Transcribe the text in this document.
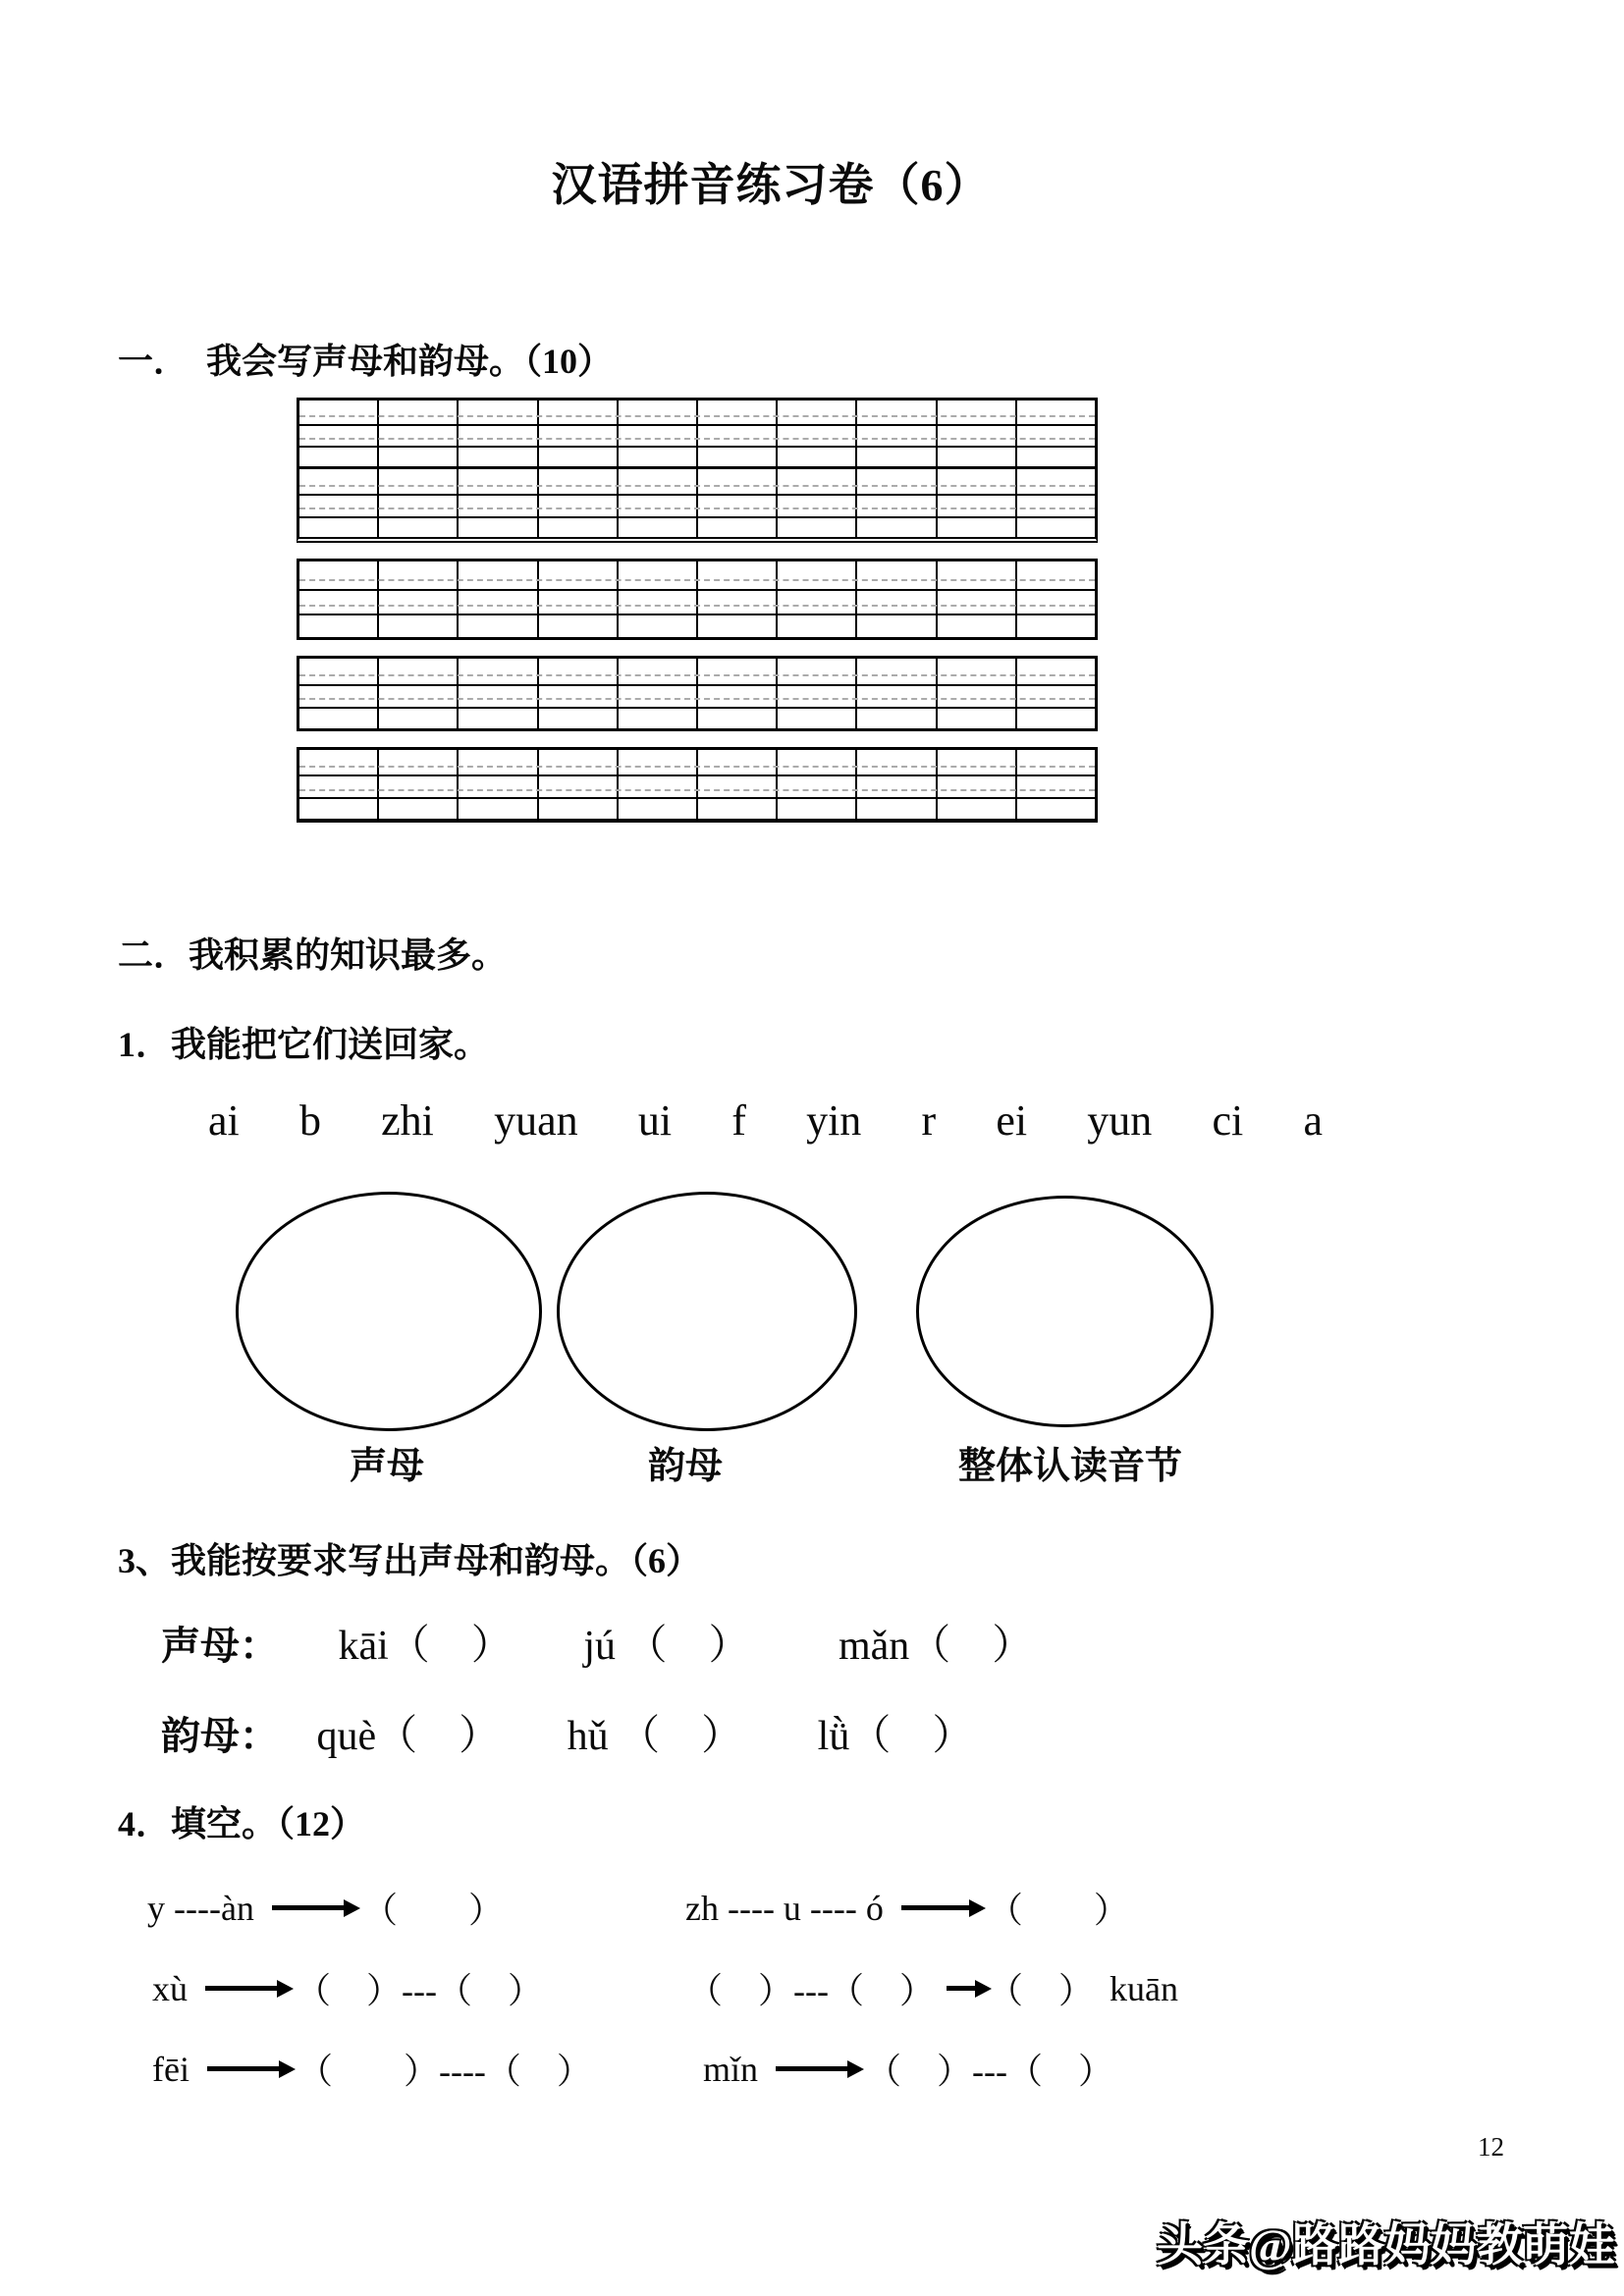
汉语拼音练习卷（6）
一．　我会写声母和韵母。（10）
二．我积累的知识最多。
1．我能把它们送回家。
ai b zhi yuan ui f yin r ei yun ci a
声母	韵母	整体认读音节
3、我能按要求写出声母和韵母。（6）
声母： kāi（　） jú （　） mǎn（　）
韵母： què（　） hǔ （　） lǜ（　）
4．填空。（12）
y ----àn	（　　）	zh ---- u ---- ó	（　　）
xù	（　）---（　）	（　）---（　） （　） kuān
fēi	（　　）----（　）	mǐn	（　）---（　）
12
头条@路路妈妈教萌娃
